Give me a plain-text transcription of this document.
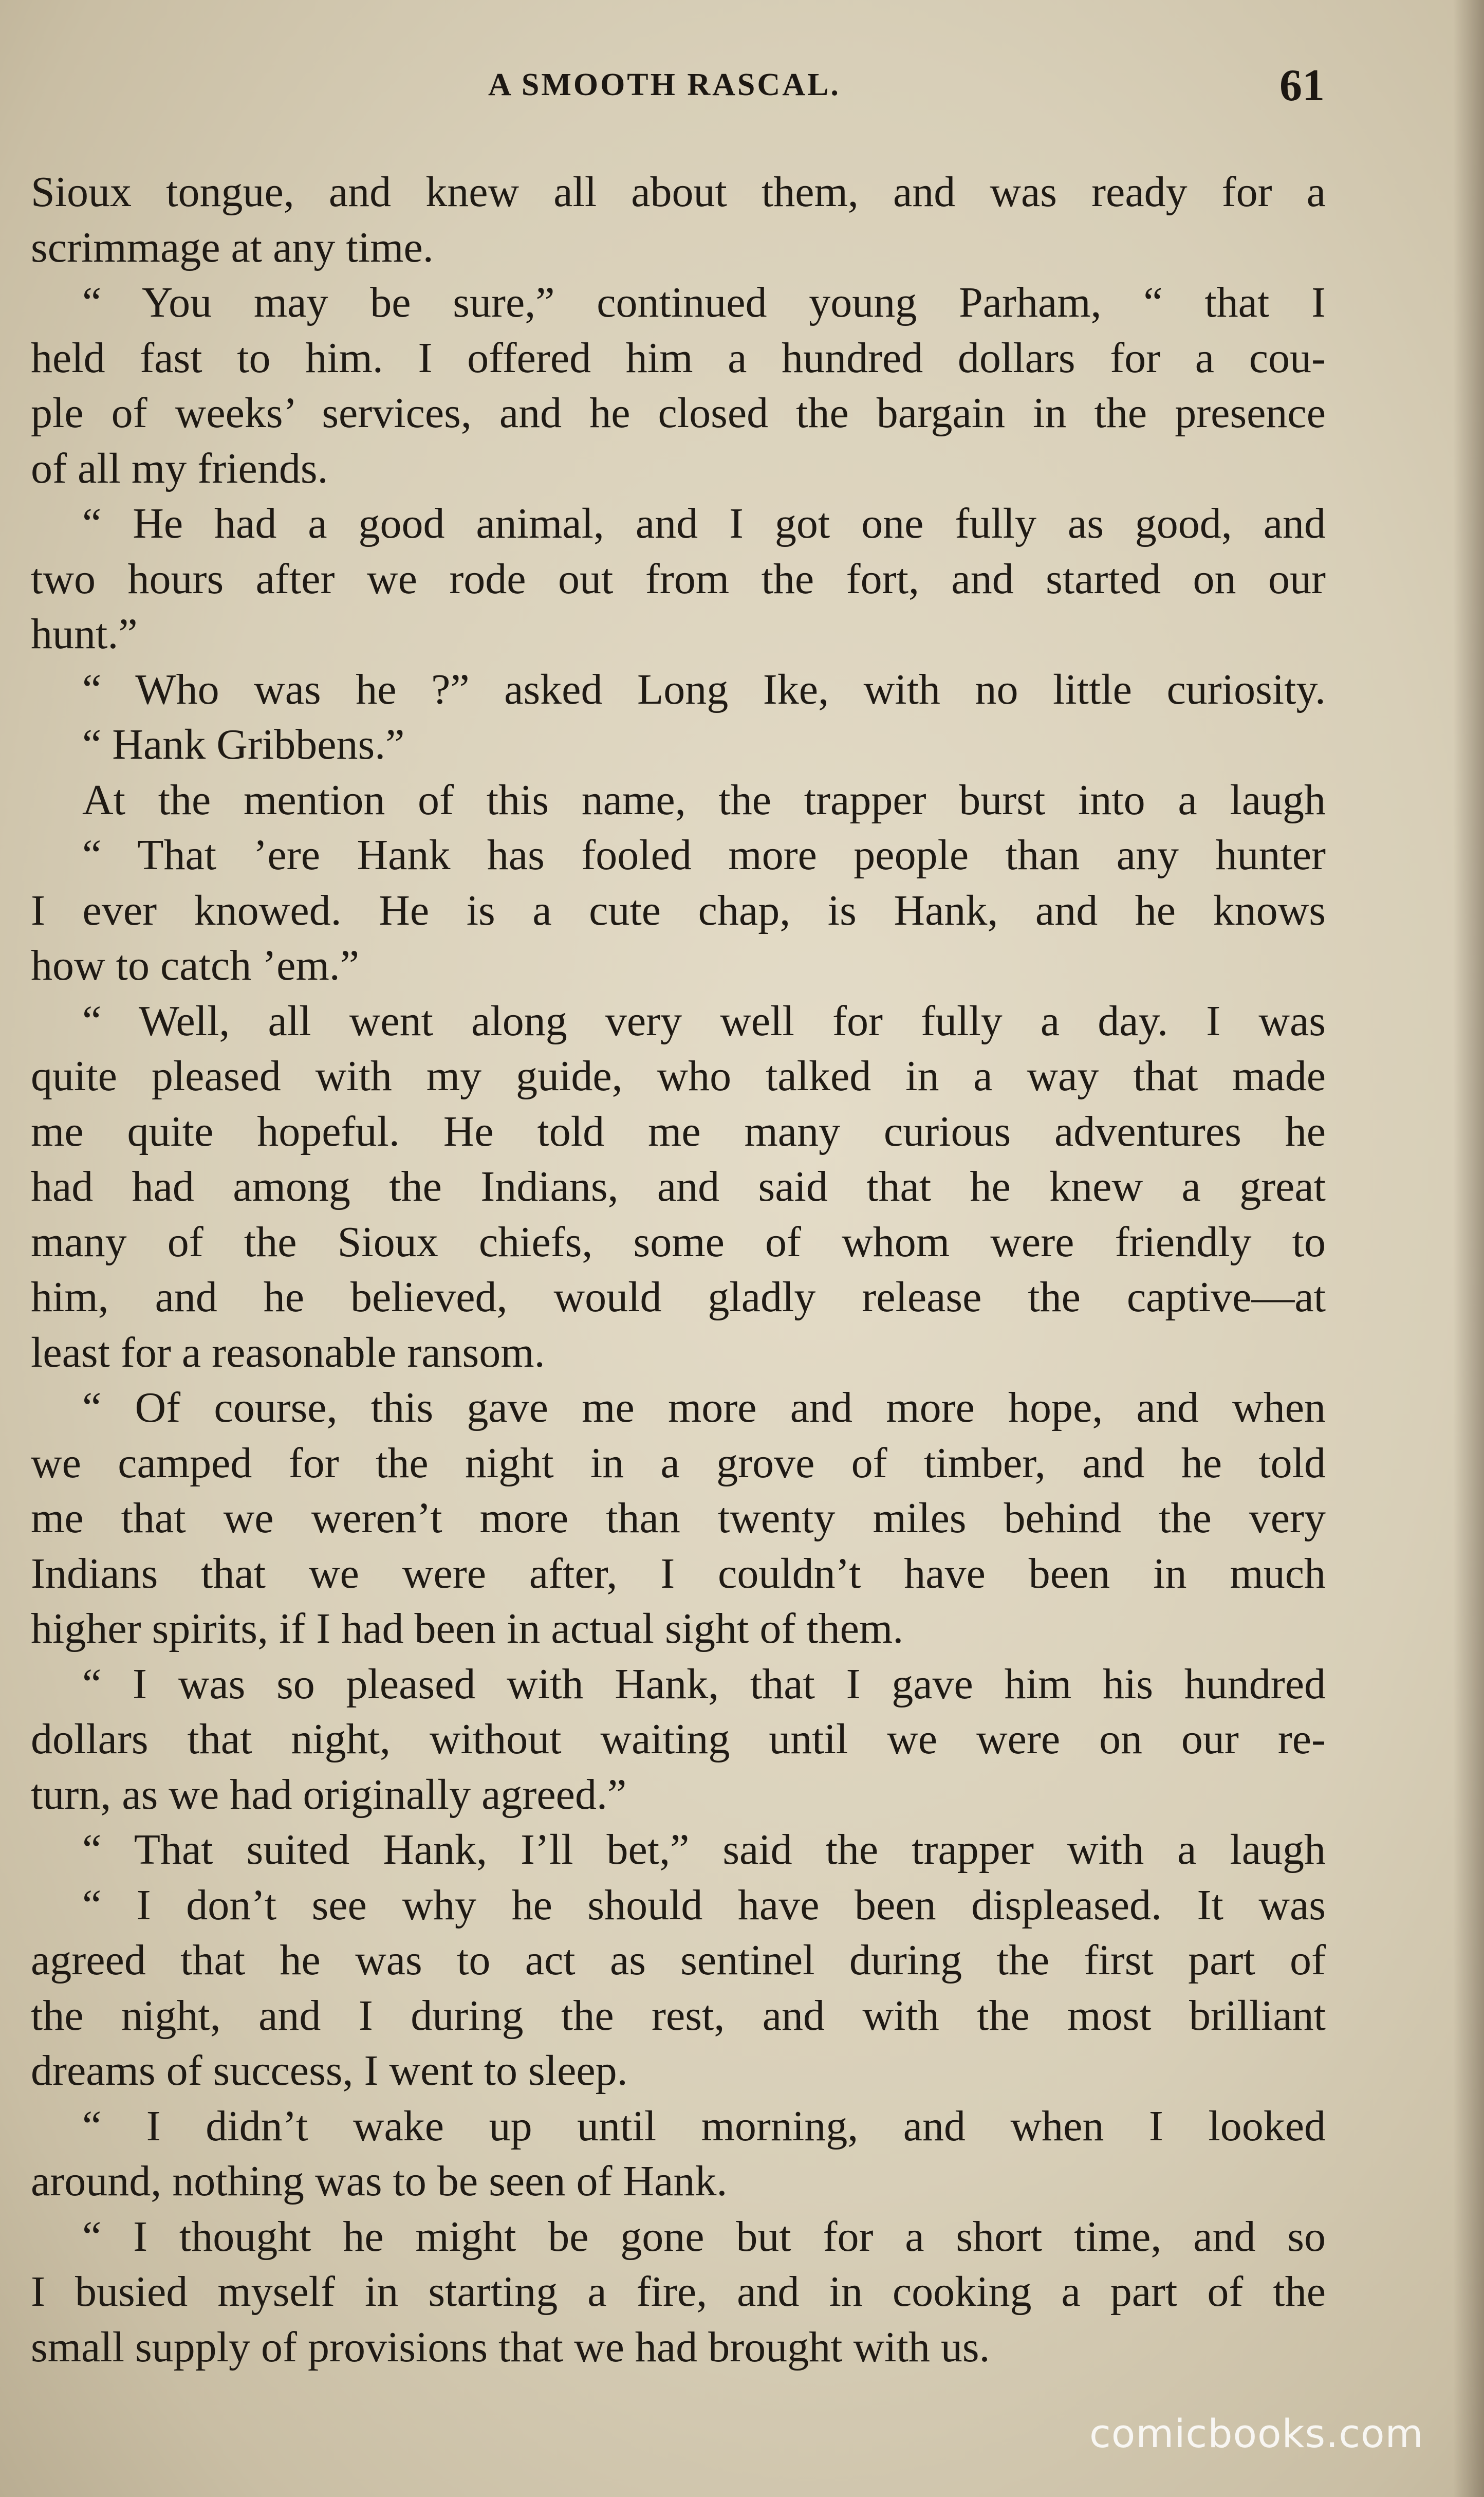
A SMOOTH RASCAL.	61
Sioux tongue, and knew all about them, and was ready for a
scrimmage at any time.
“ You may be sure,” continued young Parham, “ that I
held fast to him. I offered him a hundred dollars for a cou-
ple of weeks’ services, and he closed the bargain in the presence
of all my friends.
“ He had a good animal, and I got one fully as good, and
two hours after we rode out from the fort, and started on our
hunt.”
“ Who was he ?” asked Long Ike, with no little curiosity.
“ Hank Gribbens.”
At the mention of this name, the trapper burst into a laugh
“ That ’ere Hank has fooled more people than any hunter
I ever knowed. He is a cute chap, is Hank, and he knows
how to catch ’em.”
“ Well, all went along very well for fully a day. I was
quite pleased with my guide, who talked in a way that made
me quite hopeful. He told me many curious adventures he
had had among the Indians, and said that he knew a great
many of the Sioux chiefs, some of whom were friendly to
him, and he believed, would gladly release the captive—at
least for a reasonable ransom.
“ Of course, this gave me more and more hope, and when
we camped for the night in a grove of timber, and he told
me that we weren’t more than twenty miles behind the very
Indians that we were after, I couldn’t have been in much
higher spirits, if I had been in actual sight of them.
“ I was so pleased with Hank, that I gave him his hundred
dollars that night, without waiting until we were on our re-
turn, as we had originally agreed.”
“ That suited Hank, I’ll bet,” said the trapper with a laugh
“ I don’t see why he should have been displeased. It was
agreed that he was to act as sentinel during the first part of
the night, and I during the rest, and with the most brilliant
dreams of success, I went to sleep.
“ I didn’t wake up until morning, and when I looked
around, nothing was to be seen of Hank.
“ I thought he might be gone but for a short time, and so
I busied myself in starting a fire, and in cooking a part of the
small supply of provisions that we had brought with us.
comicbooks.com
